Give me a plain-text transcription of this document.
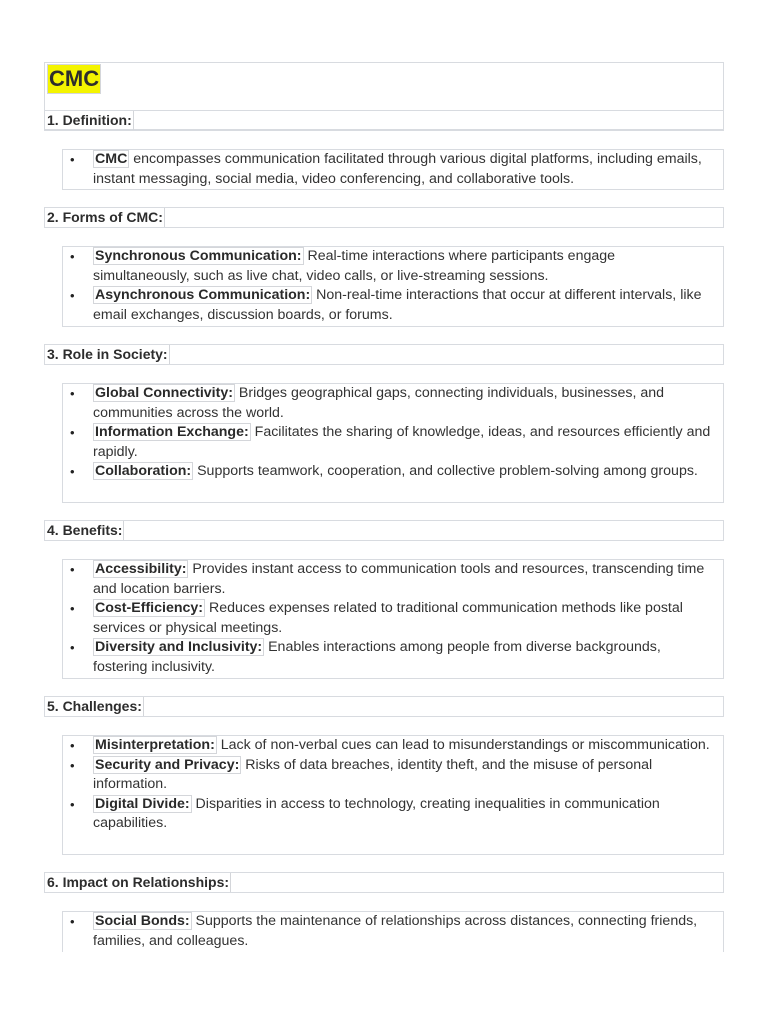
CMC
1. Definition:
• CMC encompasses communication facilitated through various digital platforms, including emails, instant messaging, social media, video conferencing, and collaborative tools.
2. Forms of CMC:
• Synchronous Communication: Real-time interactions where participants engage simultaneously, such as live chat, video calls, or live-streaming sessions.
• Asynchronous Communication: Non-real-time interactions that occur at different intervals, like email exchanges, discussion boards, or forums.
3. Role in Society:
• Global Connectivity: Bridges geographical gaps, connecting individuals, businesses, and communities across the world.
• Information Exchange: Facilitates the sharing of knowledge, ideas, and resources efficiently and rapidly.
• Collaboration: Supports teamwork, cooperation, and collective problem-solving among groups.
4. Benefits:
• Accessibility: Provides instant access to communication tools and resources, transcending time and location barriers.
• Cost-Efficiency: Reduces expenses related to traditional communication methods like postal services or physical meetings.
• Diversity and Inclusivity: Enables interactions among people from diverse backgrounds, fostering inclusivity.
5. Challenges:
• Misinterpretation: Lack of non-verbal cues can lead to misunderstandings or miscommunication.
• Security and Privacy: Risks of data breaches, identity theft, and the misuse of personal information.
• Digital Divide: Disparities in access to technology, creating inequalities in communication capabilities.
6. Impact on Relationships:
• Social Bonds: Supports the maintenance of relationships across distances, connecting friends, families, and colleagues.
